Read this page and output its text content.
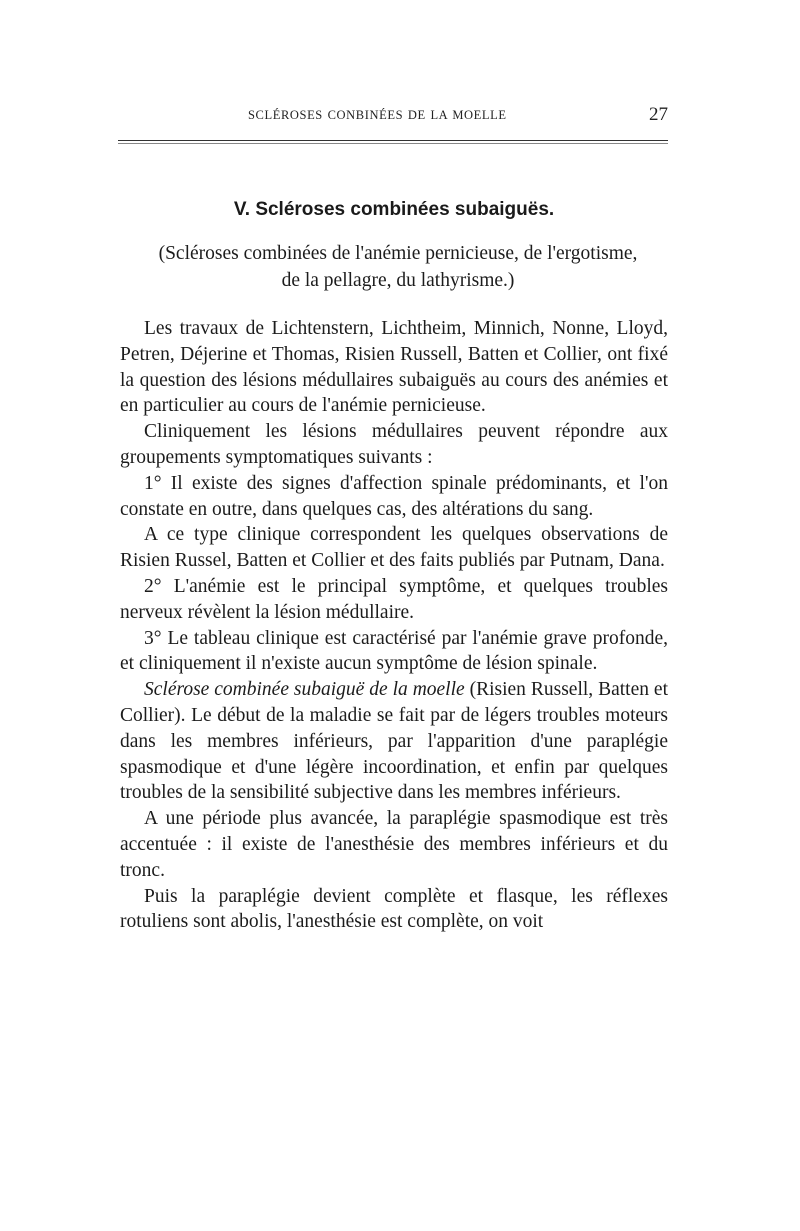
SCLÉROSES CONBINÉES DE LA MOELLE	27
V. Scléroses combinées subaiguës.
(Scléroses combinées de l'anémie pernicieuse, de l'ergotisme,
de la pellagre, du lathyrisme.)

Les travaux de Lichtenstern, Lichtheim, Minnich, Nonne, Lloyd, Petren, Déjerine et Thomas, Risien Russell, Batten et Collier, ont fixé la question des lésions médullaires subaiguës au cours des anémies et en particulier au cours de l'anémie pernicieuse.

Cliniquement les lésions médullaires peuvent répondre aux groupements symptomatiques suivants :

1° Il existe des signes d'affection spinale prédominants, et l'on constate en outre, dans quelques cas, des altérations du sang.

A ce type clinique correspondent les quelques observations de Risien Russel, Batten et Collier et des faits publiés par Putnam, Dana.

2° L'anémie est le principal symptôme, et quelques troubles nerveux révèlent la lésion médullaire.

3° Le tableau clinique est caractérisé par l'anémie grave profonde, et cliniquement il n'existe aucun symptôme de lésion spinale.

Sclérose combinée subaiguë de la moelle (Risien Russell, Batten et Collier). Le début de la maladie se fait par de légers troubles moteurs dans les membres inférieurs, par l'apparition d'une paraplégie spasmodique et d'une légère incoordination, et enfin par quelques troubles de la sensibilité subjective dans les membres inférieurs.

A une période plus avancée, la paraplégie spasmodique est très accentuée : il existe de l'anesthésie des membres inférieurs et du tronc.

Puis la paraplégie devient complète et flasque, les réflexes rotuliens sont abolis, l'anesthésie est complète, on voit
